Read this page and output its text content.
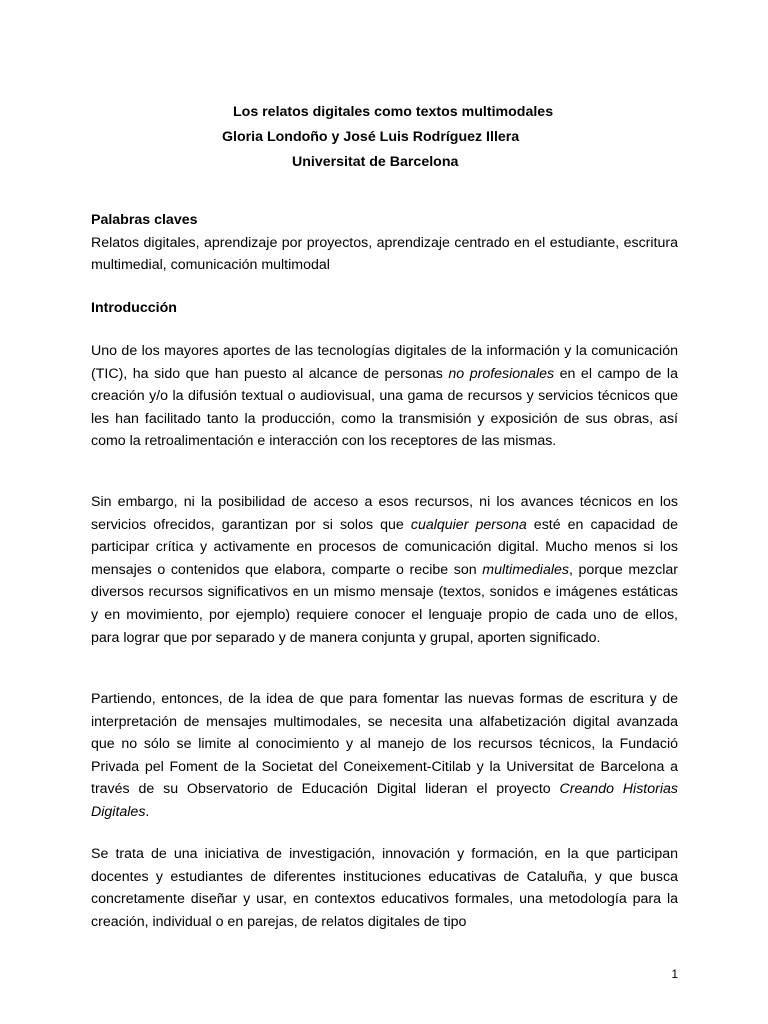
Los relatos digitales como textos multimodales
Gloria Londoño y José Luis Rodríguez Illera
Universitat de Barcelona
Palabras claves

Relatos digitales, aprendizaje por proyectos, aprendizaje centrado en el estudiante, escritura multimedial, comunicación multimodal

Introducción

Uno de los mayores aportes de las tecnologías digitales de la información y la comunicación (TIC), ha sido que han puesto al alcance de personas no profesionales en el campo de la creación y/o la difusión textual o audiovisual, una gama de recursos y servicios técnicos que les han facilitado tanto la producción, como la transmisión y exposición de sus obras, así como la retroalimentación e interacción con los receptores de las mismas.

Sin embargo, ni la posibilidad de acceso a esos recursos, ni los avances técnicos en los servicios ofrecidos, garantizan por si solos que cualquier persona esté en capacidad de participar crítica y activamente en procesos de comunicación digital. Mucho menos si los mensajes o contenidos que elabora, comparte o recibe son multimediales, porque mezclar diversos recursos significativos en un mismo mensaje (textos, sonidos e imágenes estáticas y en movimiento, por ejemplo) requiere conocer el lenguaje propio de cada uno de ellos, para lograr que por separado y de manera conjunta y grupal, aporten significado.

Partiendo, entonces, de la idea de que para fomentar las nuevas formas de escritura y de interpretación de mensajes multimodales, se necesita una alfabetización digital avanzada que no sólo se limite al conocimiento y al manejo de los recursos técnicos, la Fundació Privada pel Foment de la Societat del Coneixement-Citilab y la Universitat de Barcelona a través de su Observatorio de Educación Digital lideran el proyecto Creando Historias Digitales.

Se trata de una iniciativa de investigación, innovación y formación, en la que participan docentes y estudiantes de diferentes instituciones educativas de Cataluña, y que busca concretamente diseñar y usar, en contextos educativos formales, una metodología para la creación, individual o en parejas, de relatos digitales de tipo

1
